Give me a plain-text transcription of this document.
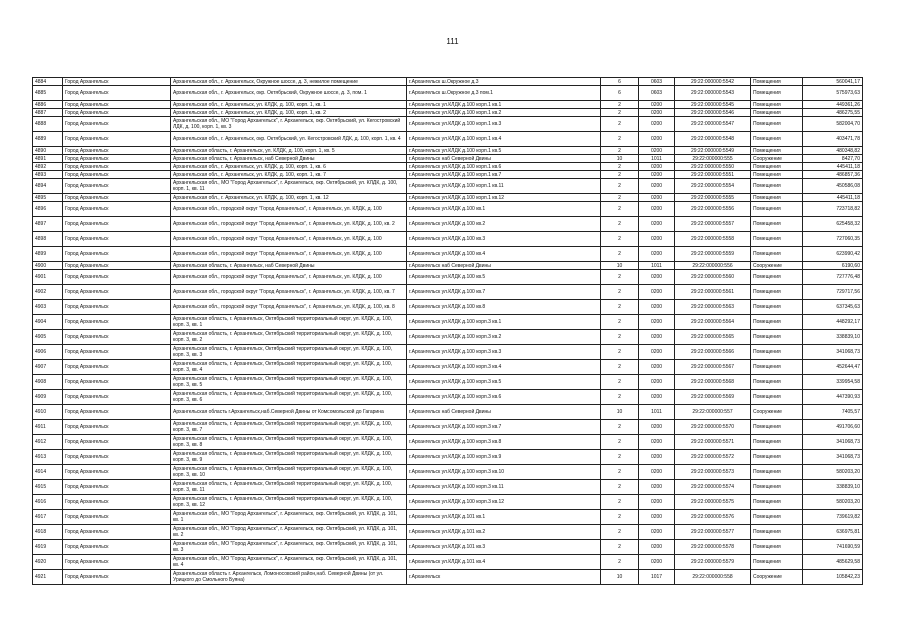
111
4884	Город Архангельск	Архангельская обл., г. Архангельск, Окружное шоссе, д. 3, нежилое помещение	г.Архангельск ш.Окружное д.3	6	0603	29:22:000000:5542	Помещения	560041,17
4885	Город Архангельск	Архангельская обл., г. Архангельск, окр. Октябрьский, Окружное шоссе, д. 3, пом. 1	г.Архангельск ш.Окружное д.3 пом.1	6	0603	29:22:000000:5543	Помещения	575973,63
4886	Город Архангельск	Архангельская обл., г. Архангельск, ул. КЛДК, д. 100, корп. 1, кв. 1	г.Архангельск ул.КЛДК д.100 корп.1 кв.1	2	0200	29:22:000000:5545	Помещения	449361,26
4887	Город Архангельск	Архангельская обл., г. Архангельск, ул. КЛДК, д. 100, корп. 1, кв. 2	г.Архангельск ул.КЛДК д.100 корп.1 кв.2	2	0200	29:22:000000:5546	Помещения	486275,55
4888	Город Архангельск	Архангельская обл., МО "Город Архангельск", г. Архангельск, окр. Октябрьский, ул. Кегостровский ЛДК, д. 100, корп. 1, кв. 3	г.Архангельск ул.КЛДК д.100 корп.1 кв.3	2	0200	29:22:000000:5547	Помещения	582004,70
4889	Город Архангельск	Архангельская обл., г. Архангельск, окр. Октябрьский, ул. Кегостровский ЛДК, д. 100, корп. 1, кв. 4	г.Архангельск ул.КЛДК д.100 корп.1 кв.4	2	0200	29:22:000000:5548	Помещения	403471,78
4890	Город Архангельск	Архангельская область, г. Архангельск, ул. КЛДК, д. 100, корп. 1, кв. 5	г.Архангельск ул.КЛДК д.100 корп.1 кв.5	2	0200	29:22:000000:5549	Помещения	480348,82
4891	Город Архангельск	Архангельская область, г. Архангельск, наб Северной Двины	г.Архангельск наб Северной Двины	10	1011	29:22:000000:555	Сооружение	8427,70
4892	Город Архангельск	Архангельская обл., г. Архангельск, ул. КЛДК, д. 100, корп. 1, кв. 6	г.Архангельск ул.КЛДК д.100 корп.1 кв.6	2	0200	29:22:000000:5550	Помещения	445411,18
4893	Город Архангельск	Архангельская обл., г. Архангельск, ул. КЛДК, д. 100, корп. 1, кв. 7	г.Архангельск ул.КЛДК д.100 корп.1 кв.7	2	0200	29:22:000000:5551	Помещения	486857,36
4894	Город Архангельск	Архангельская обл., МО "Город Архангельск", г. Архангельск, окр. Октябрьский, ул. КЛДК, д. 100, корп. 1, кв. 11	г.Архангельск ул.КЛДК д.100 корп.1 кв.11	2	0200	29:22:000000:5554	Помещения	450586,08
4895	Город Архангельск	Архангельская обл., г. Архангельск, ул. КЛДК, д. 100, корп. 1, кв. 12	г.Архангельск ул.КЛДК д.100 корп.1 кв.12	2	0200	29:22:000000:5555	Помещения	445411,18
4896	Город Архангельск	Архангельская обл., городской округ "Город Архангельск", г. Архангельск, ул. КЛДК, д. 100	г.Архангельск ул.КЛДК д.100 кв.1	2	0200	29:22:000000:5556	Помещения	723718,82
4897	Город Архангельск	Архангельская обл., городской округ "Город Архангельск", г. Архангельск, ул. КЛДК, д. 100, кв. 2	г.Архангельск ул.КЛДК д.100 кв.2	2	0200	29:22:000000:5557	Помещения	625458,32
4898	Город Архангельск	Архангельская обл., городской округ "Город Архангельск", г. Архангельск, ул. КЛДК, д. 100	г.Архангельск ул.КЛДК д.100 кв.3	2	0200	29:22:000000:5558	Помещения	727060,35
4899	Город Архангельск	Архангельская обл., городской округ "Город Архангельск", г. Архангельск, ул. КЛДК, д. 100	г.Архангельск ул.КЛДК д.100 кв.4	2	0200	29:22:000000:5559	Помещения	623990,42
4900	Город Архангельск	Архангельская область, г. Архангельск, наб Северной Двины	г.Архангельск наб Северной Двины	10	1011	29:22:000000:556	Сооружение	6190,60
4901	Город Архангельск	Архангельская обл., городской округ "Город Архангельск", г. Архангельск, ул. КЛДК, д. 100	г.Архангельск ул.КЛДК д.100 кв.5	2	0200	29:22:000000:5560	Помещения	727776,48
4902	Город Архангельск	Архангельская обл., городской округ "Город Архангельск", г. Архангельск, ул. КЛДК, д. 100, кв. 7	г.Архангельск ул.КЛДК д.100 кв.7	2	0200	29:22:000000:5561	Помещения	729717,56
4903	Город Архангельск	Архангельская обл., городской округ "Город Архангельск", г. Архангельск, ул. КЛДК, д. 100, кв. 8	г.Архангельск ул.КЛДК д.100 кв.8	2	0200	29:22:000000:5563	Помещения	637345,63
4904	Город Архангельск	Архангельская область, г. Архангельск, Октябрьский территориальный округ, ул. КЛДК, д. 100, корп. 3, кв. 1	г.Архангельск ул.КЛДК д.100 корп.3 кв.1	2	0200	29:22:000000:5564	Помещения	448292,17
4905	Город Архангельск	Архангельская область, г. Архангельск, Октябрьский территориальный округ, ул. КЛДК, д. 100, корп. 3, кв. 2	г.Архангельск ул.КЛДК д.100 корп.3 кв.2	2	0200	29:22:000000:5565	Помещения	338839,10
4906	Город Архангельск	Архангельская область, г. Архангельск, Октябрьский территориальный округ, ул. КЛДК, д. 100, корп. 3, кв. 3	г.Архангельск ул.КЛДК д.100 корп.3 кв.3	2	0200	29:22:000000:5566	Помещения	341068,73
4907	Город Архангельск	Архангельская область, г. Архангельск, Октябрьский территориальный округ, ул. КЛДК, д. 100, корп. 3, кв. 4	г.Архангельск ул.КЛДК д.100 корп.3 кв.4	2	0200	29:22:000000:5567	Помещения	452644,47
4908	Город Архангельск	Архангельская область, г. Архангельск, Октябрьский территориальный округ, ул. КЛДК, д. 100, корп. 3, кв. 5	г.Архангельск ул.КЛДК д.100 корп.3 кв.5	2	0200	29:22:000000:5568	Помещения	339954,58
4909	Город Архангельск	Архангельская область, г. Архангельск, Октябрьский территориальный округ, ул. КЛДК, д. 100, корп. 3, кв. 6	г.Архангельск ул.КЛДК д.100 корп.3 кв.6	2	0200	29:22:000000:5569	Помещения	447390,93
4910	Город Архангельск	Архангельская область г.Архангельск,наб.Северной Двины от Комсомольской до Гагарина	г.Архангельск наб Северной Двины	10	1011	29:22:000000:557	Сооружение	7405,57
4911	Город Архангельск	Архангельская область, г. Архангельск, Октябрьский территориальный округ, ул. КЛДК, д. 100, корп. 3, кв. 7	г.Архангельск ул.КЛДК д.100 корп.3 кв.7	2	0200	29:22:000000:5570	Помещения	491706,60
4912	Город Архангельск	Архангельская область, г. Архангельск, Октябрьский территориальный округ, ул. КЛДК, д. 100, корп. 3, кв. 8	г.Архангельск ул.КЛДК д.100 корп.3 кв.8	2	0200	29:22:000000:5571	Помещения	341068,73
4913	Город Архангельск	Архангельская область, г. Архангельск, Октябрьский территориальный округ, ул. КЛДК, д. 100, корп. 3, кв. 9	г.Архангельск ул.КЛДК д.100 корп.3 кв.9	2	0200	29:22:000000:5572	Помещения	341068,73
4914	Город Архангельск	Архангельская область, г. Архангельск, Октябрьский территориальный округ, ул. КЛДК, д. 100, корп. 3, кв. 10	г.Архангельск ул.КЛДК д.100 корп.3 кв.10	2	0200	29:22:000000:5573	Помещения	580203,20
4915	Город Архангельск	Архангельская область, г. Архангельск, Октябрьский территориальный округ, ул. КЛДК, д. 100, корп. 3, кв. 11	г.Архангельск ул.КЛДК д.100 корп.3 кв.11	2	0200	29:22:000000:5574	Помещения	338839,10
4916	Город Архангельск	Архангельская область, г. Архангельск, Октябрьский территориальный округ, ул. КЛДК, д. 100, корп. 3, кв. 12	г.Архангельск ул.КЛДК д.100 корп.3 кв.12	2	0200	29:22:000000:5575	Помещения	580203,20
4917	Город Архангельск	Архангельская обл., МО "Город Архангельск", г. Архангельск, окр. Октябрьский, ул. КЛДК, д. 101, кв. 1	г.Архангельск ул.КЛДК д.101 кв.1	2	0200	29:22:000000:5576	Помещения	739619,82
4918	Город Архангельск	Архангельская обл., МО "Город Архангельск", г. Архангельск, окр. Октябрьский, ул. КЛДК, д. 101, кв. 2	г.Архангельск ул.КЛДК д.101 кв.2	2	0200	29:22:000000:5577	Помещения	636975,81
4919	Город Архангельск	Архангельская обл., МО "Город Архангельск", г. Архангельск, окр. Октябрьский, ул. КЛДК, д. 101, кв. 3	г.Архангельск ул.КЛДК д.101 кв.3	2	0200	29:22:000000:5578	Помещения	741690,59
4920	Город Архангельск	Архангельская обл., МО "Город Архангельск", г. Архангельск, окр. Октябрьский, ул. КЛДК, д. 101, кв. 4	г.Архангельск ул.КЛДК д.101 кв.4	2	0200	29:22:000000:5579	Помещения	485629,58
4921	Город Архангельск	Архангельская область г. Архангельск, Ломоносовский район,наб. Северной Двины (от ул. Урицкого до Смольного Буяна)	г.Архангельск	10	1017	29:22:000000:558	Сооружение	105842,23
